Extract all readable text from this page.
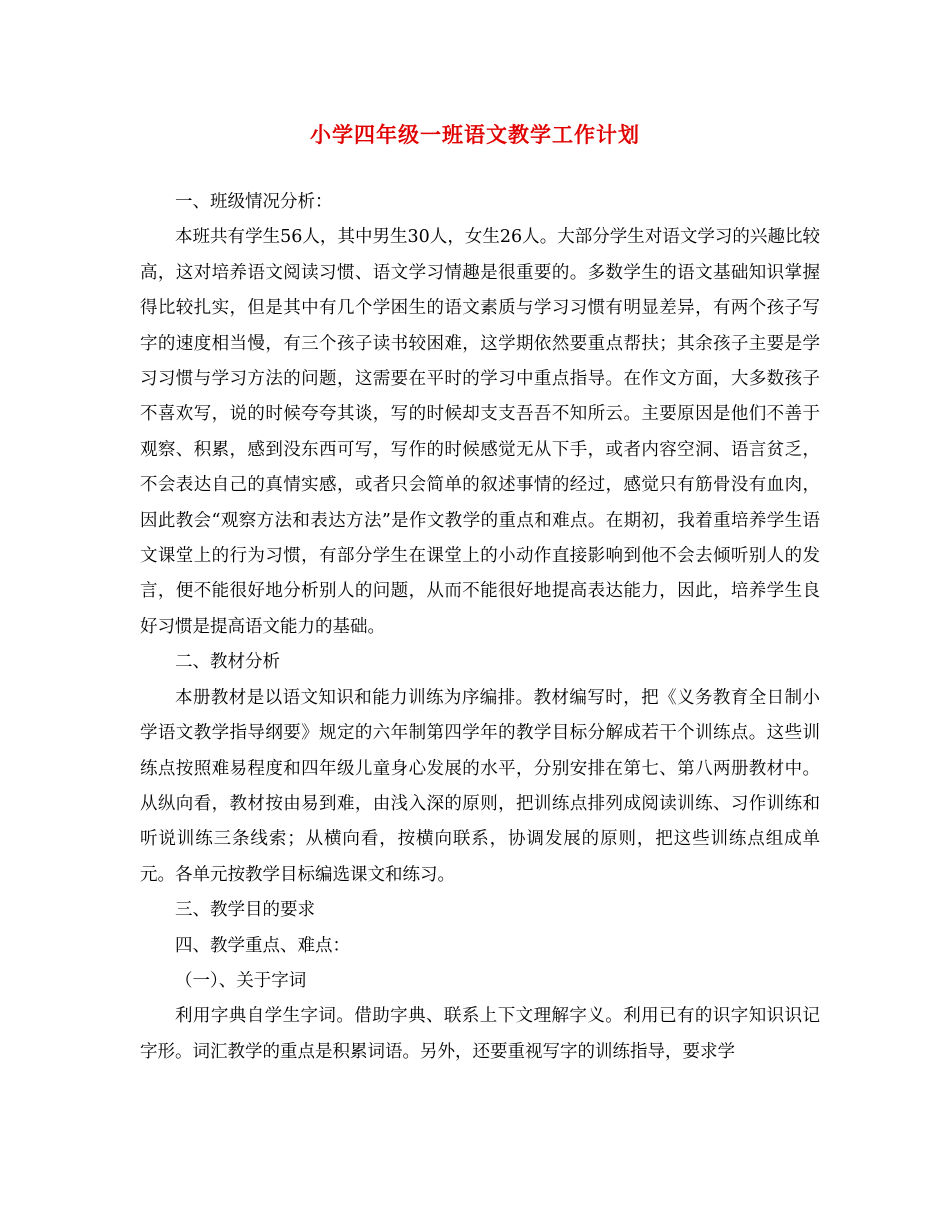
小学四年级一班语文教学工作计划

一、班级情况分析：

本班共有学生56人，其中男生30人，女生26人。大部分学生对语文学习的兴趣比较高，这对培养语文阅读习惯、语文学习情趣是很重要的。多数学生的语文基础知识掌握得比较扎实，但是其中有几个学困生的语文素质与学习习惯有明显差异，有两个孩子写字的速度相当慢，有三个孩子读书较困难，这学期依然要重点帮扶；其余孩子主要是学习习惯与学习方法的问题，这需要在平时的学习中重点指导。在作文方面，大多数孩子不喜欢写，说的时候夸夸其谈，写的时候却支支吾吾不知所云。主要原因是他们不善于观察、积累，感到没东西可写，写作的时候感觉无从下手，或者内容空洞、语言贫乏，不会表达自己的真情实感，或者只会简单的叙述事情的经过，感觉只有筋骨没有血肉，因此教会“观察方法和表达方法”是作文教学的重点和难点。在期初，我着重培养学生语文课堂上的行为习惯，有部分学生在课堂上的小动作直接影响到他不会去倾听别人的发言，便不能很好地分析别人的问题，从而不能很好地提高表达能力，因此，培养学生良好习惯是提高语文能力的基础。

二、教材分析

本册教材是以语文知识和能力训练为序编排。教材编写时，把《义务教育全日制小学语文教学指导纲要》规定的六年制第四学年的教学目标分解成若干个训练点。这些训练点按照难易程度和四年级儿童身心发展的水平，分别安排在第七、第八两册教材中。从纵向看，教材按由易到难，由浅入深的原则，把训练点排列成阅读训练、习作训练和听说训练三条线索；从横向看，按横向联系，协调发展的原则，把这些训练点组成单元。各单元按教学目标编选课文和练习。

三、教学目的要求

四、教学重点、难点：

（一）、关于字词

利用字典自学生字词。借助字典、联系上下文理解字义。利用已有的识字知识识记字形。词汇教学的重点是积累词语。另外，还要重视写字的训练指导，要求学
